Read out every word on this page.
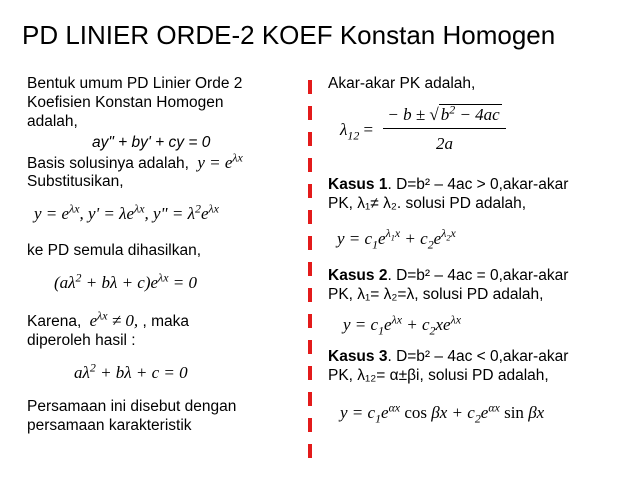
PD LINIER ORDE-2 KOEF Konstan Homogen
Bentuk umum PD Linier Orde 2
Koefisien Konstan Homogen
adalah,
ay" + by' + cy = 0
Basis solusinya adalah, $y = e^{\lambda x}$
Substitusikan,
$y = e^{\lambda x}$, $y' = \lambda e^{\lambda x}$, y" = $\lambda^2e^{\lambda x}$
ke PD semula dihasilkan,
$(a\lambda^2 + b\lambda + c)e^{\lambda x} = 0$
Karena, $e^{\lambda x} \ne 0$, , maka
diperoleh hasil :
$a\lambda^2 + b\lambda + c = 0$
Persamaan ini disebut dengan
persamaan karakteristik
Akar-akar PK adalah,
$\lambda_{12} = \frac{- b \pm √ b^2 - 4ac}{2a}$
Kasus 1. D=b² – 4ac > 0,akar-akar
PK, λ₁≠ λ₂. solusi PD adalah,
$y = c_1e^{\lambda_1x} + c_2e^{\lambda_2x}$
Kasus 2. D=b² – 4ac = 0,akar-akar
PK, λ₁= λ₂=λ, solusi PD adalah,
$y = c_1e^{\lambda x} + c_2xe^{\lambda x}$
Kasus 3. D=b² – 4ac < 0,akar-akar
PK, λ₁₂= α±βi, solusi PD adalah,
$y = c_1e^{\alpha x}$ $\cos \beta x + c_2e^{\alpha x}$ sin βx
